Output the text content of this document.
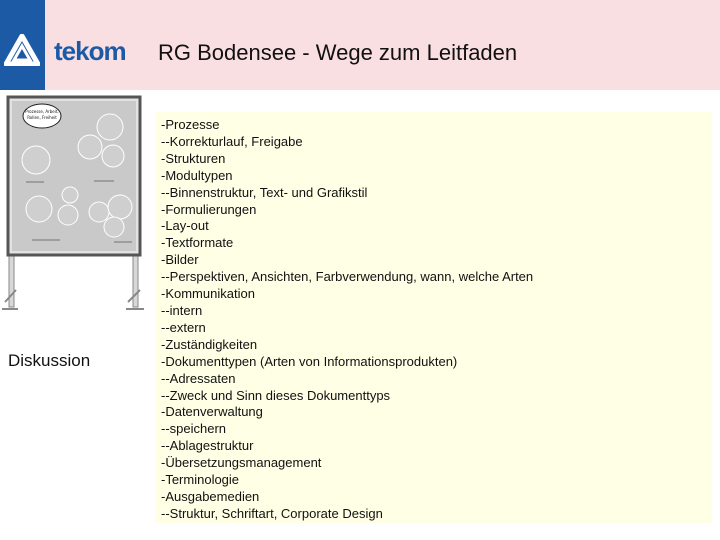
tekom RG Bodensee - Wege zum Leitfaden
Diskussion
Prozesse, Arbeit,
Rollen, Freiheit	-Prozesse
--Korrekturlauf, Freigabe
-Strukturen
-Modultypen
--Binnenstruktur, Text- und Grafikstil
-Formulierungen
-Lay-out
-Textformate
-Bilder
--Perspektiven, Ansichten, Farbverwendung, wann, welche Arten
-Kommunikation
--intern
--extern
-Zuständigkeiten
-Dokumenttypen (Arten von Informationsprodukten)
--Adressaten
--Zweck und Sinn dieses Dokumenttyps
-Datenverwaltung
--speichern
--Ablagestruktur
-Übersetzungsmanagement
-Terminologie
-Ausgabemedien
--Struktur, Schriftart, Corporate Design
